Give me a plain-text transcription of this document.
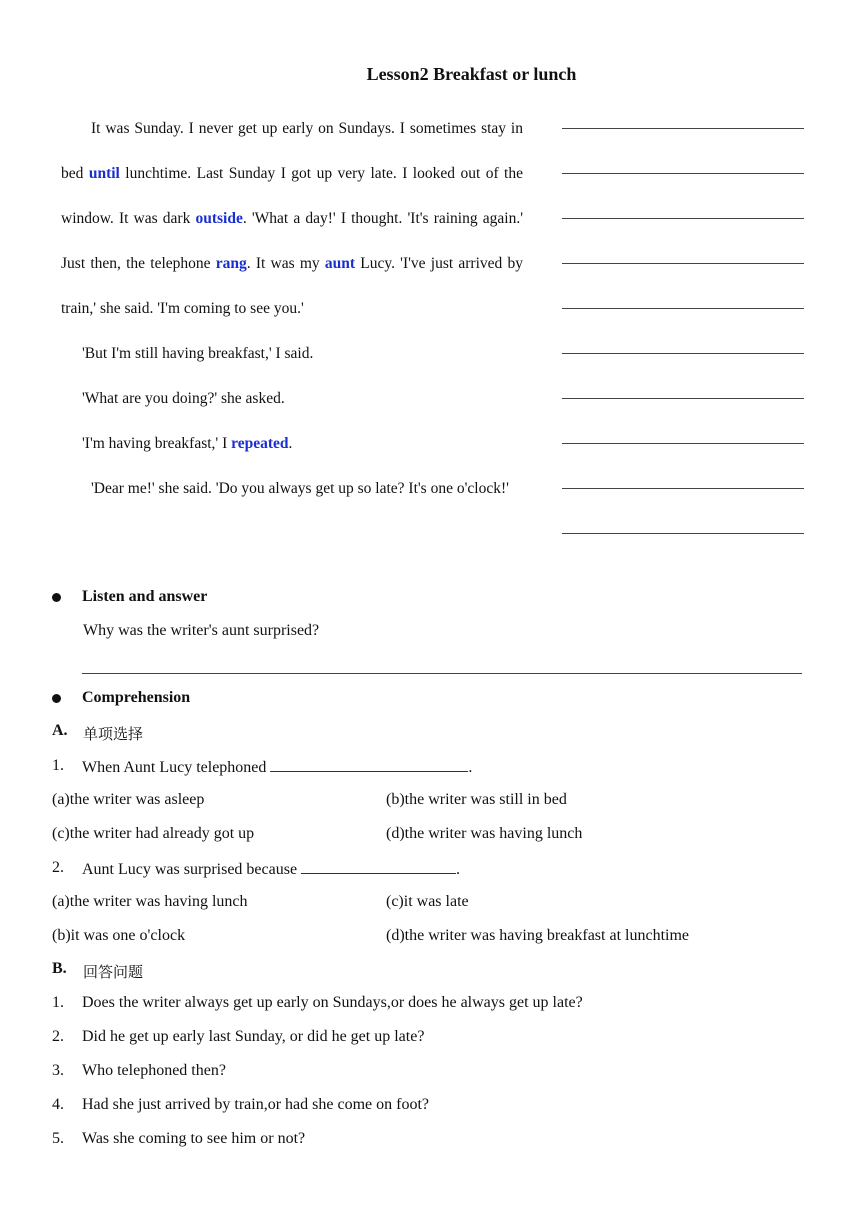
Lesson2 Breakfast or lunch

It was Sunday. I never get up early on Sundays. I sometimes stay in bed until lunchtime. Last Sunday I got up very late. I looked out of the window. It was dark outside. 'What a day!' I thought. 'It's raining again.' Just then, the telephone rang. It was my aunt Lucy. 'I've just arrived by train,' she said. 'I'm coming to see you.'

'But I'm still having breakfast,' I said.

'What are you doing?' she asked.

'I'm having breakfast,' I repeated.

'Dear me!' she said. 'Do you always get up so late? It's one o'clock!'

Listen and answer
Why was the writer's aunt surprised?
Comprehension
A. 单项选择
1. When Aunt Lucy telephoned	.
(a)the writer was asleep	(b)the writer was still in bed
(c)the writer had already got up	(d)the writer was having lunch
2. Aunt Lucy was surprised because	.
(a)the writer was having lunch	(c)it was late
(b)it was one o'clock	(d)the writer was having breakfast at lunchtime
B. 回答问题
1. Does the writer always get up early on Sundays,or does he always get up late?
2. Did he get up early last Sunday, or did he get up late?
3. Who telephoned then?
4. Had she just arrived by train,or had she come on foot?
5. Was she coming to see him or not?
